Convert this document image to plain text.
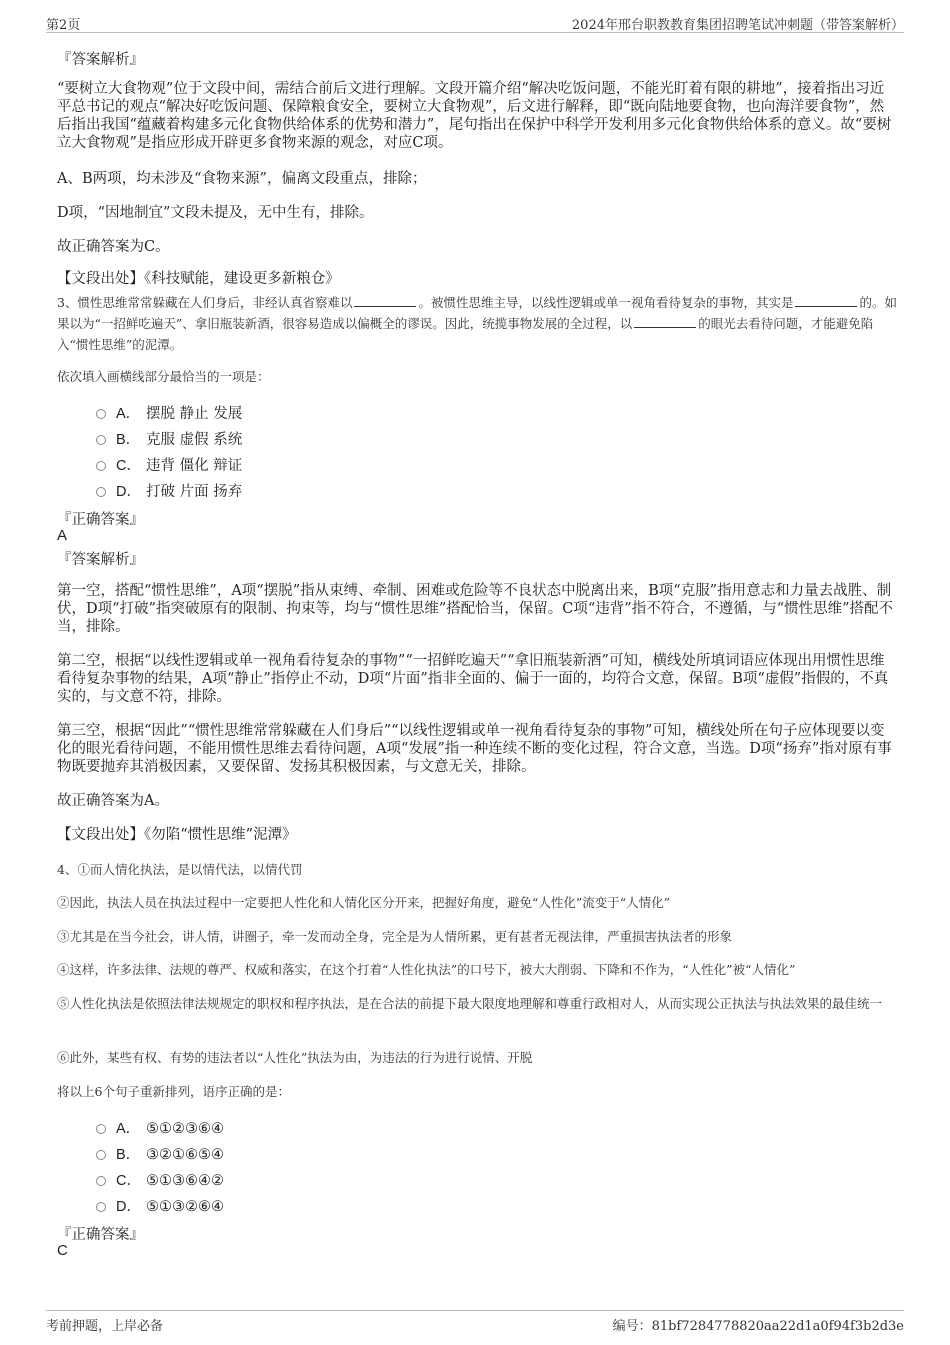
第2页	2024年邢台职教教育集团招聘笔试冲刺题（带答案解析）
『答案解析』
“要树立大食物观”位于文段中间，需结合前后文进行理解。文段开篇介绍“解决吃饭问题，不能光盯着有限的耕地”，接着指出习近平总书记的观点“解决好吃饭问题、保障粮食安全，要树立大食物观”，后文进行解释，即“既向陆地要食物，也向海洋要食物”，然后指出我国“蕴藏着构建多元化食物供给体系的优势和潜力”，尾句指出在保护中科学开发利用多元化食物供给体系的意义。故“要树立大食物观”是指应形成开辟更多食物来源的观念，对应C项。
A、B两项，均未涉及“食物来源”，偏离文段重点，排除；
D项，“因地制宜”文段未提及，无中生有，排除。
故正确答案为C。
【文段出处】《科技赋能，建设更多新粮仓》
3、惯性思维常常躲藏在人们身后，非经认真省察难以	。被惯性思维主导，以线性逻辑或单一视角看待复杂的事物，其实是	的。如果以为“一招鲜吃遍天”、拿旧瓶装新酒，很容易造成以偏概全的谬误。因此，统揽事物发展的全过程，以	的眼光去看待问题，才能避免陷入“惯性思维”的泥潭。
依次填入画横线部分最恰当的一项是：
A． 摆脱 静止 发展
B． 克服 虚假 系统
C． 违背 僵化 辩证
D． 打破 片面 扬弃
『正确答案』
A
『答案解析』
第一空，搭配“惯性思维”，A项“摆脱”指从束缚、牵制、困难或危险等不良状态中脱离出来，B项“克服”指用意志和力量去战胜、制伏，D项“打破”指突破原有的限制、拘束等，均与“惯性思维”搭配恰当，保留。C项“违背”指不符合，不遵循，与“惯性思维”搭配不当，排除。
第二空，根据“以线性逻辑或单一视角看待复杂的事物”“一招鲜吃遍天”“拿旧瓶装新酒”可知，横线处所填词语应体现出用惯性思维看待复杂事物的结果，A项“静止”指停止不动，D项“片面”指非全面的、偏于一面的，均符合文意，保留。B项“虚假”指假的，不真实的，与文意不符，排除。
第三空，根据“因此”“惯性思维常常躲藏在人们身后”“以线性逻辑或单一视角看待复杂的事物”可知，横线处所在句子应体现要以变化的眼光看待问题，不能用惯性思维去看待问题，A项“发展”指一种连续不断的变化过程，符合文意，当选。D项“扬弃”指对原有事物既要抛弃其消极因素，又要保留、发扬其积极因素，与文意无关，排除。
故正确答案为A。
【文段出处】《勿陷“惯性思维”泥潭》
4、①而人情化执法，是以情代法，以情代罚
②因此，执法人员在执法过程中一定要把人性化和人情化区分开来，把握好角度，避免“人性化”流变于“人情化”
③尤其是在当今社会，讲人情，讲圈子，牵一发而动全身，完全是为人情所累，更有甚者无视法律，严重损害执法者的形象
④这样，许多法律、法规的尊严、权威和落实，在这个打着“人性化执法”的口号下，被大大削弱、下降和不作为，“人性化”被“人情化”
⑤人性化执法是依照法律法规规定的职权和程序执法，是在合法的前提下最大限度地理解和尊重行政相对人，从而实现公正执法与执法效果的最佳统一
⑥此外，某些有权、有势的违法者以“人性化”执法为由，为违法的行为进行说情、开脱
将以上6个句子重新排列，语序正确的是：
A． ⑤①②③⑥④
B． ③②①⑥⑤④
C． ⑤①③⑥④②
D． ⑤①③②⑥④
『正确答案』
C
考前押题，上岸必备	编号：81bf7284778820aa22d1a0f94f3b2d3e
